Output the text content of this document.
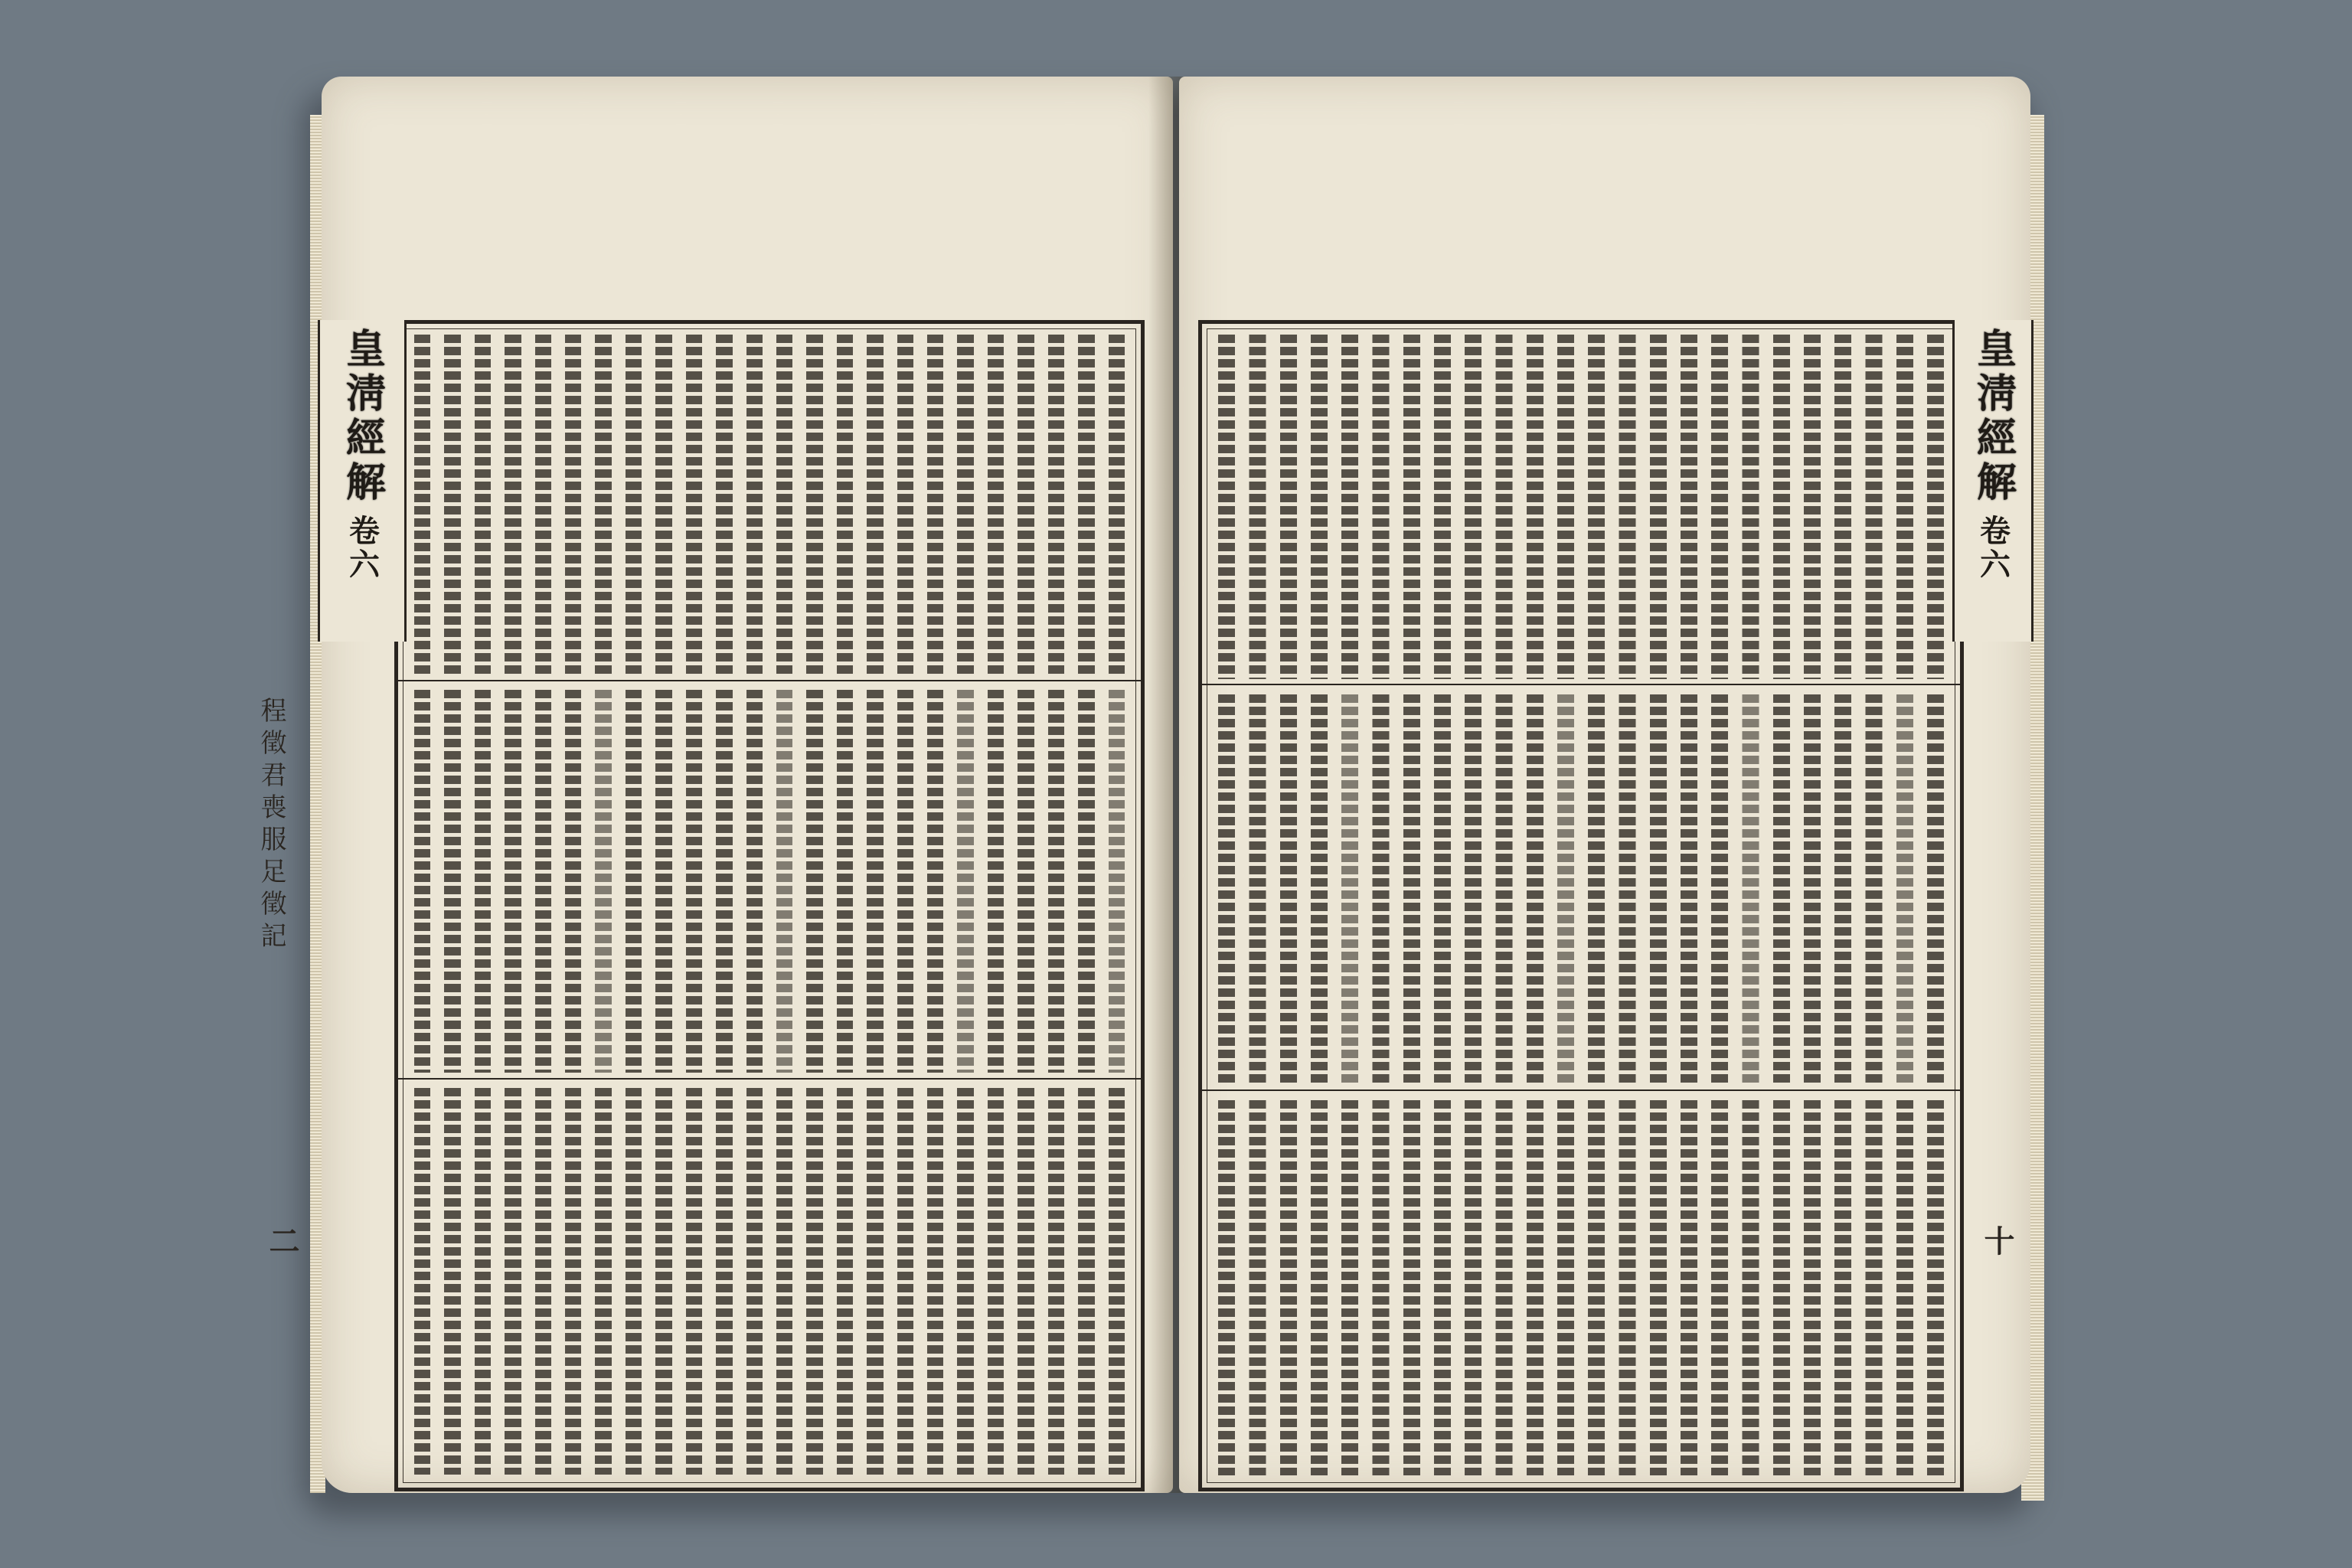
皇淸經解
卷六
程徵君喪服足徵記
二
皇淸經解
卷六
十
